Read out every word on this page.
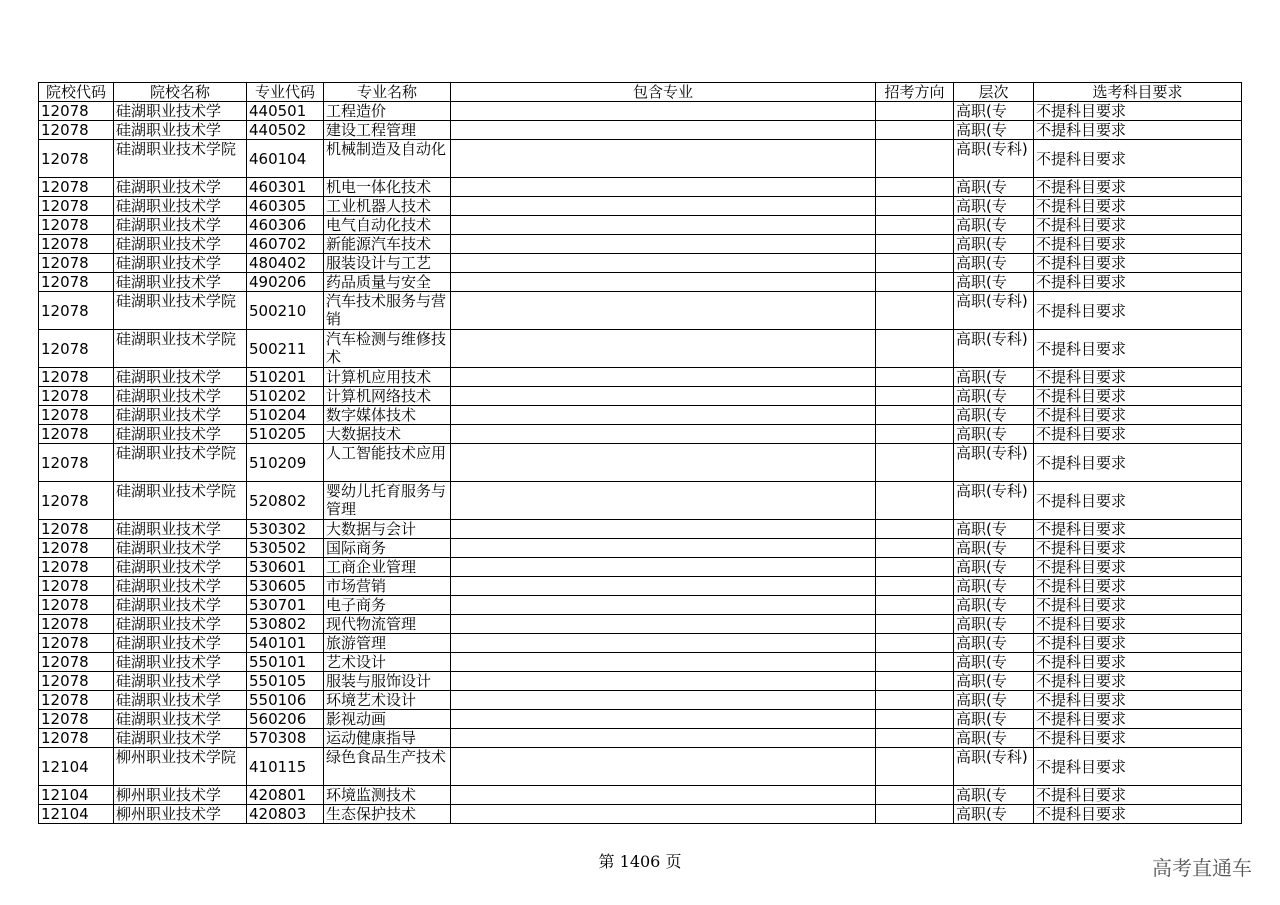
院校代码	院校名称	专业代码	专业名称	包含专业	招考方向	层次	选考科目要求
12078	硅湖职业技术学	440501	工程造价			高职(专	不提科目要求
12078	硅湖职业技术学	440502	建设工程管理			高职(专	不提科目要求
12078	硅湖职业技术学院	460104	机械制造及自动化			高职(专科)	不提科目要求
12078	硅湖职业技术学	460301	机电一体化技术			高职(专	不提科目要求
12078	硅湖职业技术学	460305	工业机器人技术			高职(专	不提科目要求
12078	硅湖职业技术学	460306	电气自动化技术			高职(专	不提科目要求
12078	硅湖职业技术学	460702	新能源汽车技术			高职(专	不提科目要求
12078	硅湖职业技术学	480402	服装设计与工艺			高职(专	不提科目要求
12078	硅湖职业技术学	490206	药品质量与安全			高职(专	不提科目要求
12078	硅湖职业技术学院	500210	汽车技术服务与营销			高职(专科)	不提科目要求
12078	硅湖职业技术学院	500211	汽车检测与维修技术			高职(专科)	不提科目要求
12078	硅湖职业技术学	510201	计算机应用技术			高职(专	不提科目要求
12078	硅湖职业技术学	510202	计算机网络技术			高职(专	不提科目要求
12078	硅湖职业技术学	510204	数字媒体技术			高职(专	不提科目要求
12078	硅湖职业技术学	510205	大数据技术			高职(专	不提科目要求
12078	硅湖职业技术学院	510209	人工智能技术应用			高职(专科)	不提科目要求
12078	硅湖职业技术学院	520802	婴幼儿托育服务与管理			高职(专科)	不提科目要求
12078	硅湖职业技术学	530302	大数据与会计			高职(专	不提科目要求
12078	硅湖职业技术学	530502	国际商务			高职(专	不提科目要求
12078	硅湖职业技术学	530601	工商企业管理			高职(专	不提科目要求
12078	硅湖职业技术学	530605	市场营销			高职(专	不提科目要求
12078	硅湖职业技术学	530701	电子商务			高职(专	不提科目要求
12078	硅湖职业技术学	530802	现代物流管理			高职(专	不提科目要求
12078	硅湖职业技术学	540101	旅游管理			高职(专	不提科目要求
12078	硅湖职业技术学	550101	艺术设计			高职(专	不提科目要求
12078	硅湖职业技术学	550105	服装与服饰设计			高职(专	不提科目要求
12078	硅湖职业技术学	550106	环境艺术设计			高职(专	不提科目要求
12078	硅湖职业技术学	560206	影视动画			高职(专	不提科目要求
12078	硅湖职业技术学	570308	运动健康指导			高职(专	不提科目要求
12104	柳州职业技术学院	410115	绿色食品生产技术			高职(专科)	不提科目要求
12104	柳州职业技术学	420801	环境监测技术			高职(专	不提科目要求
12104	柳州职业技术学	420803	生态保护技术			高职(专	不提科目要求
第 1406 页	高考直通车
